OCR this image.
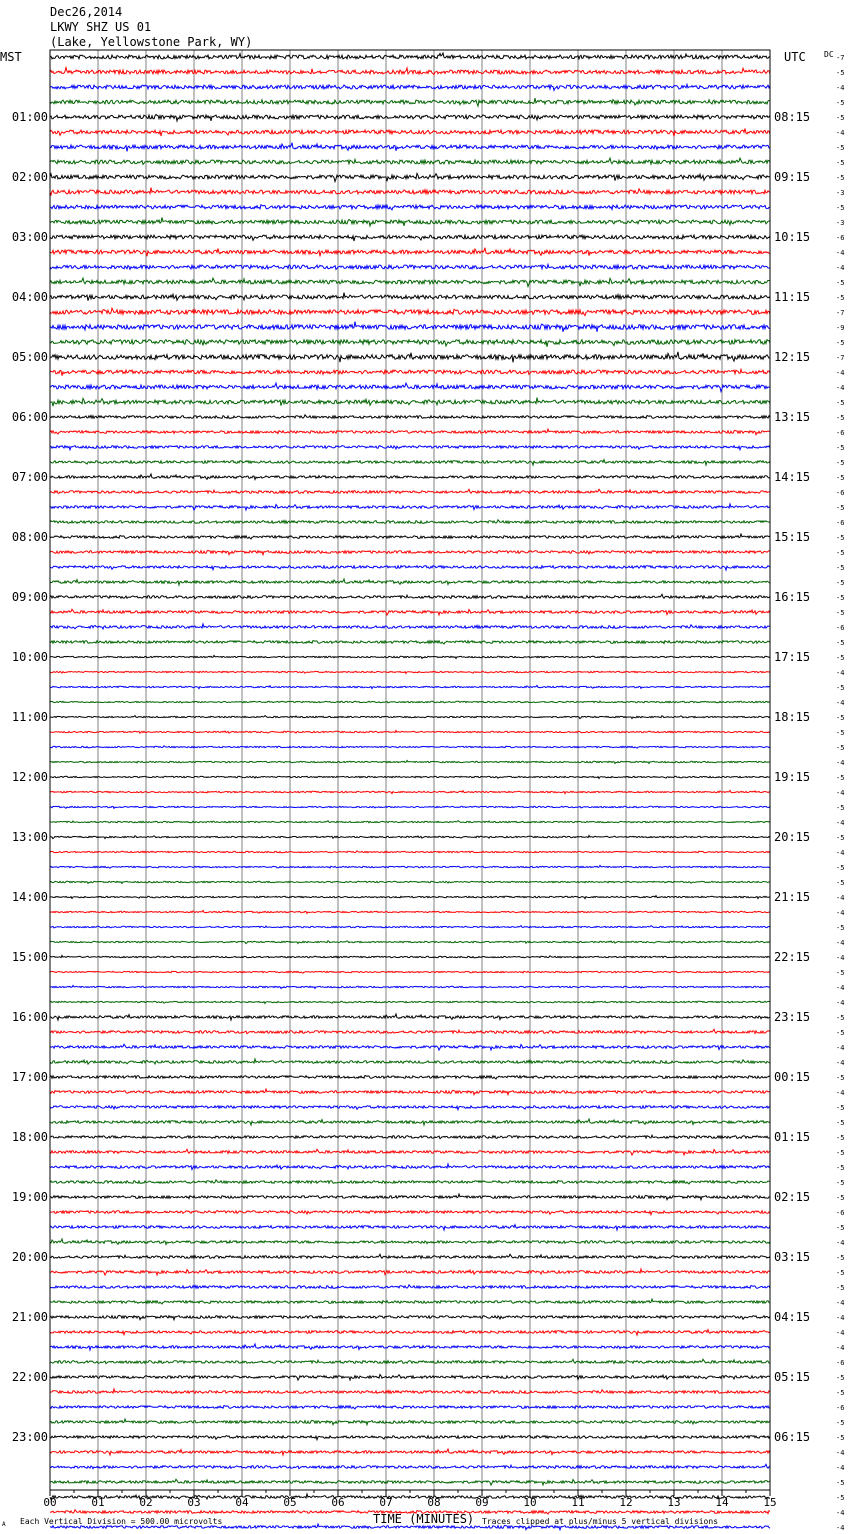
00	01	02	03	04	05	06	07	08	09	10	11	12	13	14	15
01:00
02:00
03:00
04:00
05:00
06:00
07:00
08:00
09:00
10:00
11:00
12:00
13:00
14:00
15:00
16:00
17:00
18:00
19:00
20:00
21:00
22:00
23:00
08:15
09:15
10:15
11:15
12:15
13:15
14:15
15:15
16:15
17:15
18:15
19:15
20:15
21:15
22:15
23:15
00:15
01:15
02:15
03:15
04:15
05:15
06:15
-7
-5
-4
-5
-5
-4
-5
-5
-5
-3
-5
-3
-6
-4
-4
-5
-5
-7
-9
-5
-7
-4
-4
-5
-5
-6
-5
-5
-5
-6
-5
-6
-5
-5
-5
-5
-5
-5
-6
-5
-5
-4
-5
-4
-5
-5
-5
-4
-5
-4
-5
-4
-5
-4
-5
-5
-4
-4
-5
-4
-4
-5
-4
-4
-5
-5
-4
-4
-5
-4
-5
-5
-5
-5
-5
-5
-5
-6
-5
-4
-5
-5
-5
-4
-4
-4
-4
-6
-5
-5
-6
-5
-5
-4
-4
-5
-5
-4
-4
Dec26,2014
LKWY SHZ US 01
(Lake, Yellowstone Park, WY)
MST	UTC DC
TIME (MINUTES)
Each Vertical Division = 500.00 microvolts	Traces clipped at plus/minus 5 vertical divisions
A
